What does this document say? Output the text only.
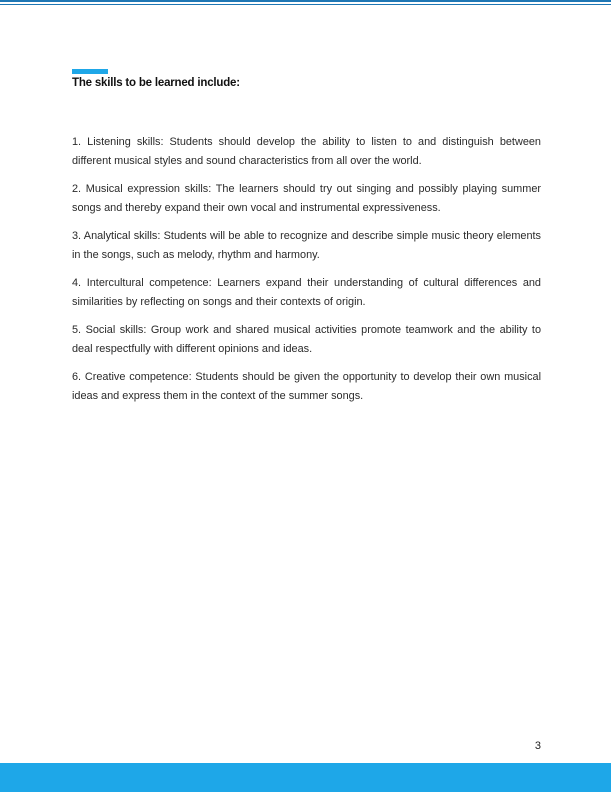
The skills to be learned include:

1. Listening skills: Students should develop the ability to listen to and distinguish between different musical styles and sound characteristics from all over the world.

2. Musical expression skills: The learners should try out singing and possibly playing summer songs and thereby expand their own vocal and instrumental expressiveness.

3. Analytical skills: Students will be able to recognize and describe simple music theory elements in the songs, such as melody, rhythm and harmony.

4. Intercultural competence: Learners expand their understanding of cultural differences and similarities by reflecting on songs and their contexts of origin.

5. Social skills: Group work and shared musical activities promote teamwork and the ability to deal respectfully with different opinions and ideas.

6. Creative competence: Students should be given the opportunity to develop their own musical ideas and express them in the context of the summer songs.

3
